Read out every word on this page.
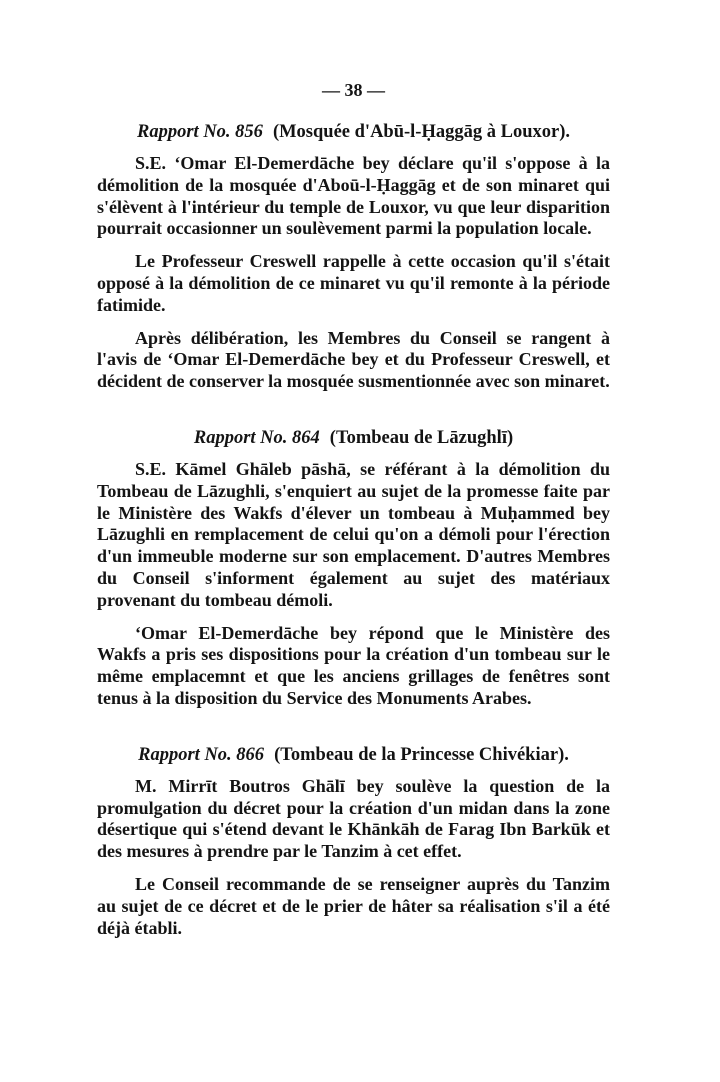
— 38 —
Rapport No. 856 (Mosquée d'Abū-l-Ḥaggāg à Louxor).

S.E. ‘Omar El-Demerdāche bey déclare qu'il s'oppose à la démolition de la mosquée d'Aboū-l-Ḥaggāg et de son minaret qui s'élèvent à l'intérieur du temple de Louxor, vu que leur disparition pourrait occasionner un soulèvement parmi la population locale.

Le Professeur Creswell rappelle à cette occasion qu'il s'était opposé à la démolition de ce minaret vu qu'il remonte à la période fatimide.

Après délibération, les Membres du Conseil se rangent à l'avis de ‘Omar El-Demerdāche bey et du Professeur Creswell, et décident de conserver la mosquée susmentionnée avec son minaret.

Rapport No. 864 (Tombeau de Lāzughlī)

S.E. Kāmel Ghāleb pāshā, se référant à la démolition du Tombeau de Lāzughli, s'enquiert au sujet de la promesse faite par le Ministère des Wakfs d'élever un tombeau à Muḥammed bey Lāzughli en remplacement de celui qu'on a démoli pour l'érection d'un immeuble moderne sur son emplacement. D'autres Membres du Conseil s'informent également au sujet des matériaux provenant du tombeau démoli.

‘Omar El-Demerdāche bey répond que le Ministère des Wakfs a pris ses dispositions pour la création d'un tombeau sur le même emplacemnt et que les anciens grillages de fenêtres sont tenus à la disposition du Service des Monuments Arabes.

Rapport No. 866 (Tombeau de la Princesse Chivékiar).

M. Mirrīt Boutros Ghālī bey soulève la question de la promulgation du décret pour la création d'un midan dans la zone désertique qui s'étend devant le Khānkāh de Farag Ibn Barkūk et des mesures à prendre par le Tanzim à cet effet.

Le Conseil recommande de se renseigner auprès du Tanzim au sujet de ce décret et de le prier de hâter sa réalisation s'il a été déjà établi.
